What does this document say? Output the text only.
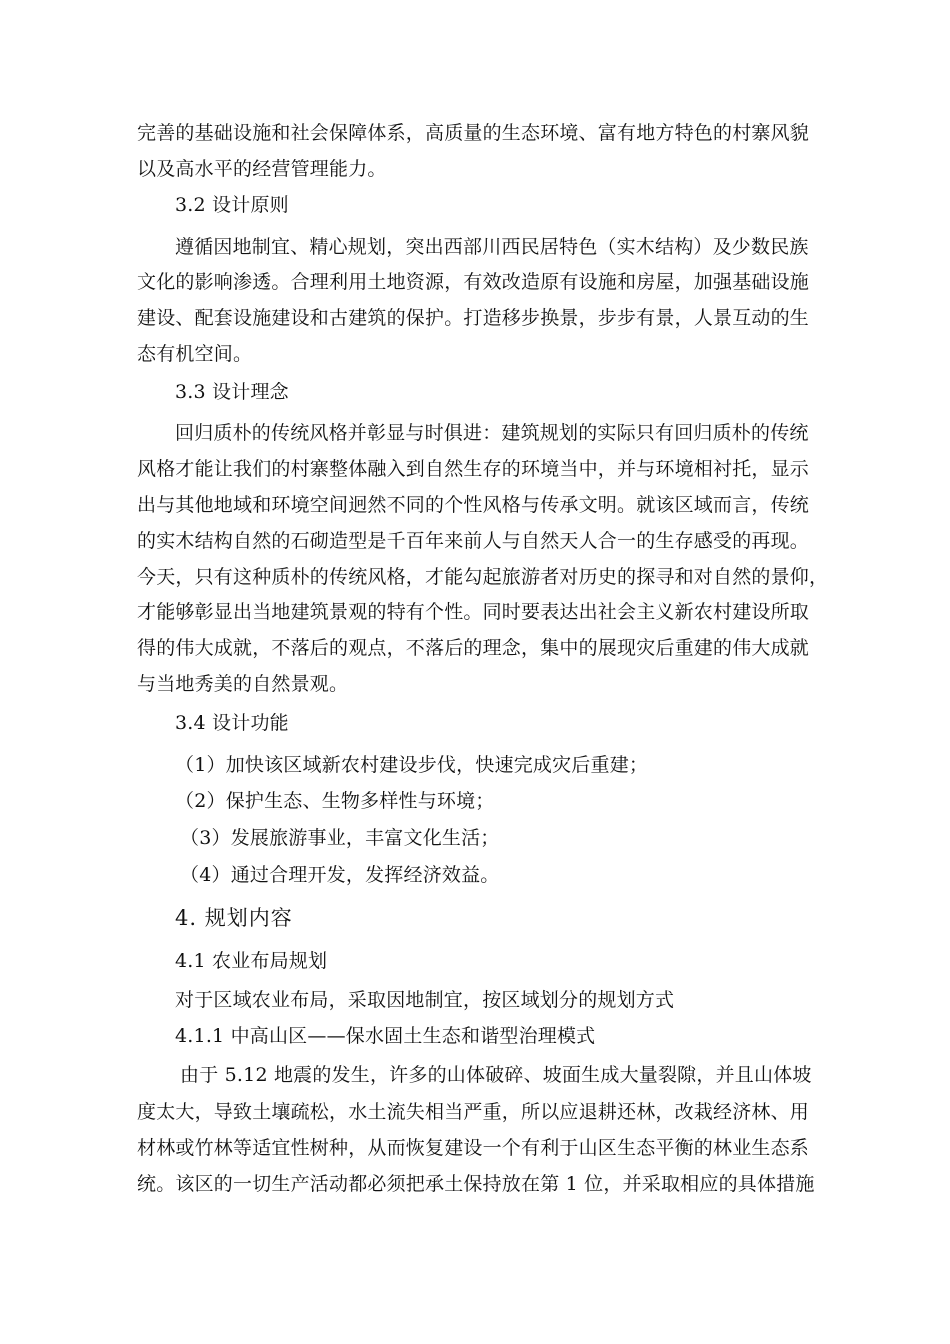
完善的基础设施和社会保障体系，高质量的生态环境、富有地方特色的村寨风貌
以及高水平的经营管理能力。
3.2 设计原则
遵循因地制宜、精心规划，突出西部川西民居特色（实木结构）及少数民族
文化的影响渗透。合理利用土地资源，有效改造原有设施和房屋，加强基础设施
建设、配套设施建设和古建筑的保护。打造移步换景，步步有景，人景互动的生
态有机空间。
3.3 设计理念
回归质朴的传统风格并彰显与时俱进：建筑规划的实际只有回归质朴的传统
风格才能让我们的村寨整体融入到自然生存的环境当中，并与环境相衬托，显示
出与其他地域和环境空间迥然不同的个性风格与传承文明。就该区域而言，传统
的实木结构自然的石砌造型是千百年来前人与自然天人合一的生存感受的再现。
今天，只有这种质朴的传统风格，才能勾起旅游者对历史的探寻和对自然的景仰，
才能够彰显出当地建筑景观的特有个性。同时要表达出社会主义新农村建设所取
得的伟大成就，不落后的观点，不落后的理念，集中的展现灾后重建的伟大成就
与当地秀美的自然景观。
3.4 设计功能
（1）加快该区域新农村建设步伐，快速完成灾后重建；
（2）保护生态、生物多样性与环境；
（3）发展旅游事业，丰富文化生活；
（4）通过合理开发，发挥经济效益。
4. 规划内容
4.1 农业布局规划
对于区域农业布局，采取因地制宜，按区域划分的规划方式
4.1.1 中高山区——保水固土生态和谐型治理模式
由于 5.12 地震的发生，许多的山体破碎、坡面生成大量裂隙，并且山体坡
度太大，导致土壤疏松，水土流失相当严重，所以应退耕还林，改栽经济林、用
材林或竹林等适宜性树种，从而恢复建设一个有利于山区生态平衡的林业生态系
统。该区的一切生产活动都必须把承土保持放在第 1 位，并采取相应的具体措施
